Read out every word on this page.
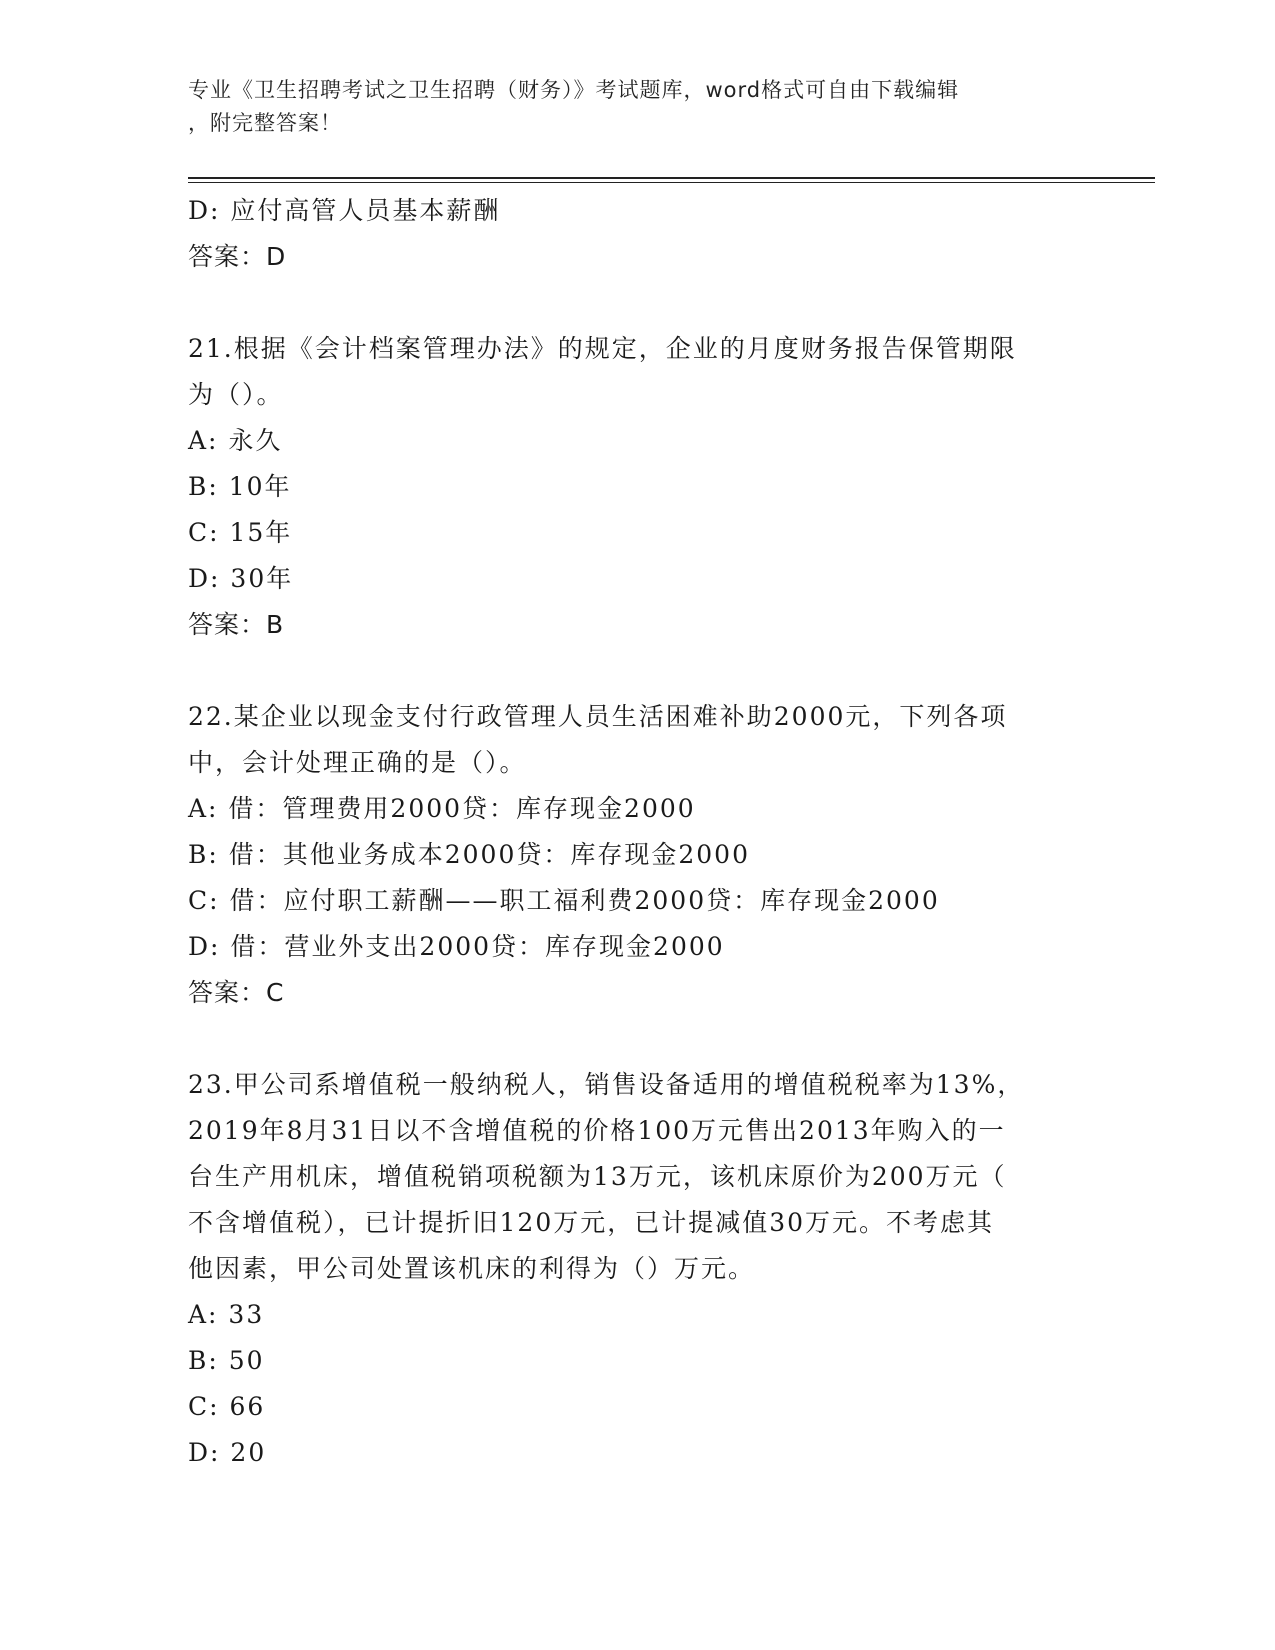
专业《卫生招聘考试之卫生招聘（财务）》考试题库，word格式可自由下载编辑
，附完整答案！
D: 应付高管人员基本薪酬
答案：D
21.根据《会计档案管理办法》的规定，企业的月度财务报告保管期限
为（）。
A: 永久
B: 10年
C: 15年
D: 30年
答案：B
22.某企业以现金支付行政管理人员生活困难补助2000元，下列各项
中，会计处理正确的是（）。
A: 借：管理费用2000贷：库存现金2000
B: 借：其他业务成本2000贷：库存现金2000
C: 借：应付职工薪酬——职工福利费2000贷：库存现金2000
D: 借：营业外支出2000贷：库存现金2000
答案：C
23.甲公司系增值税一般纳税人，销售设备适用的增值税税率为13%，
2019年8月31日以不含增值税的价格100万元售出2013年购入的一
台生产用机床，增值税销项税额为13万元，该机床原价为200万元（
不含增值税），已计提折旧120万元，已计提减值30万元。不考虑其
他因素，甲公司处置该机床的利得为（）万元。
A: 33
B: 50
C: 66
D: 20
